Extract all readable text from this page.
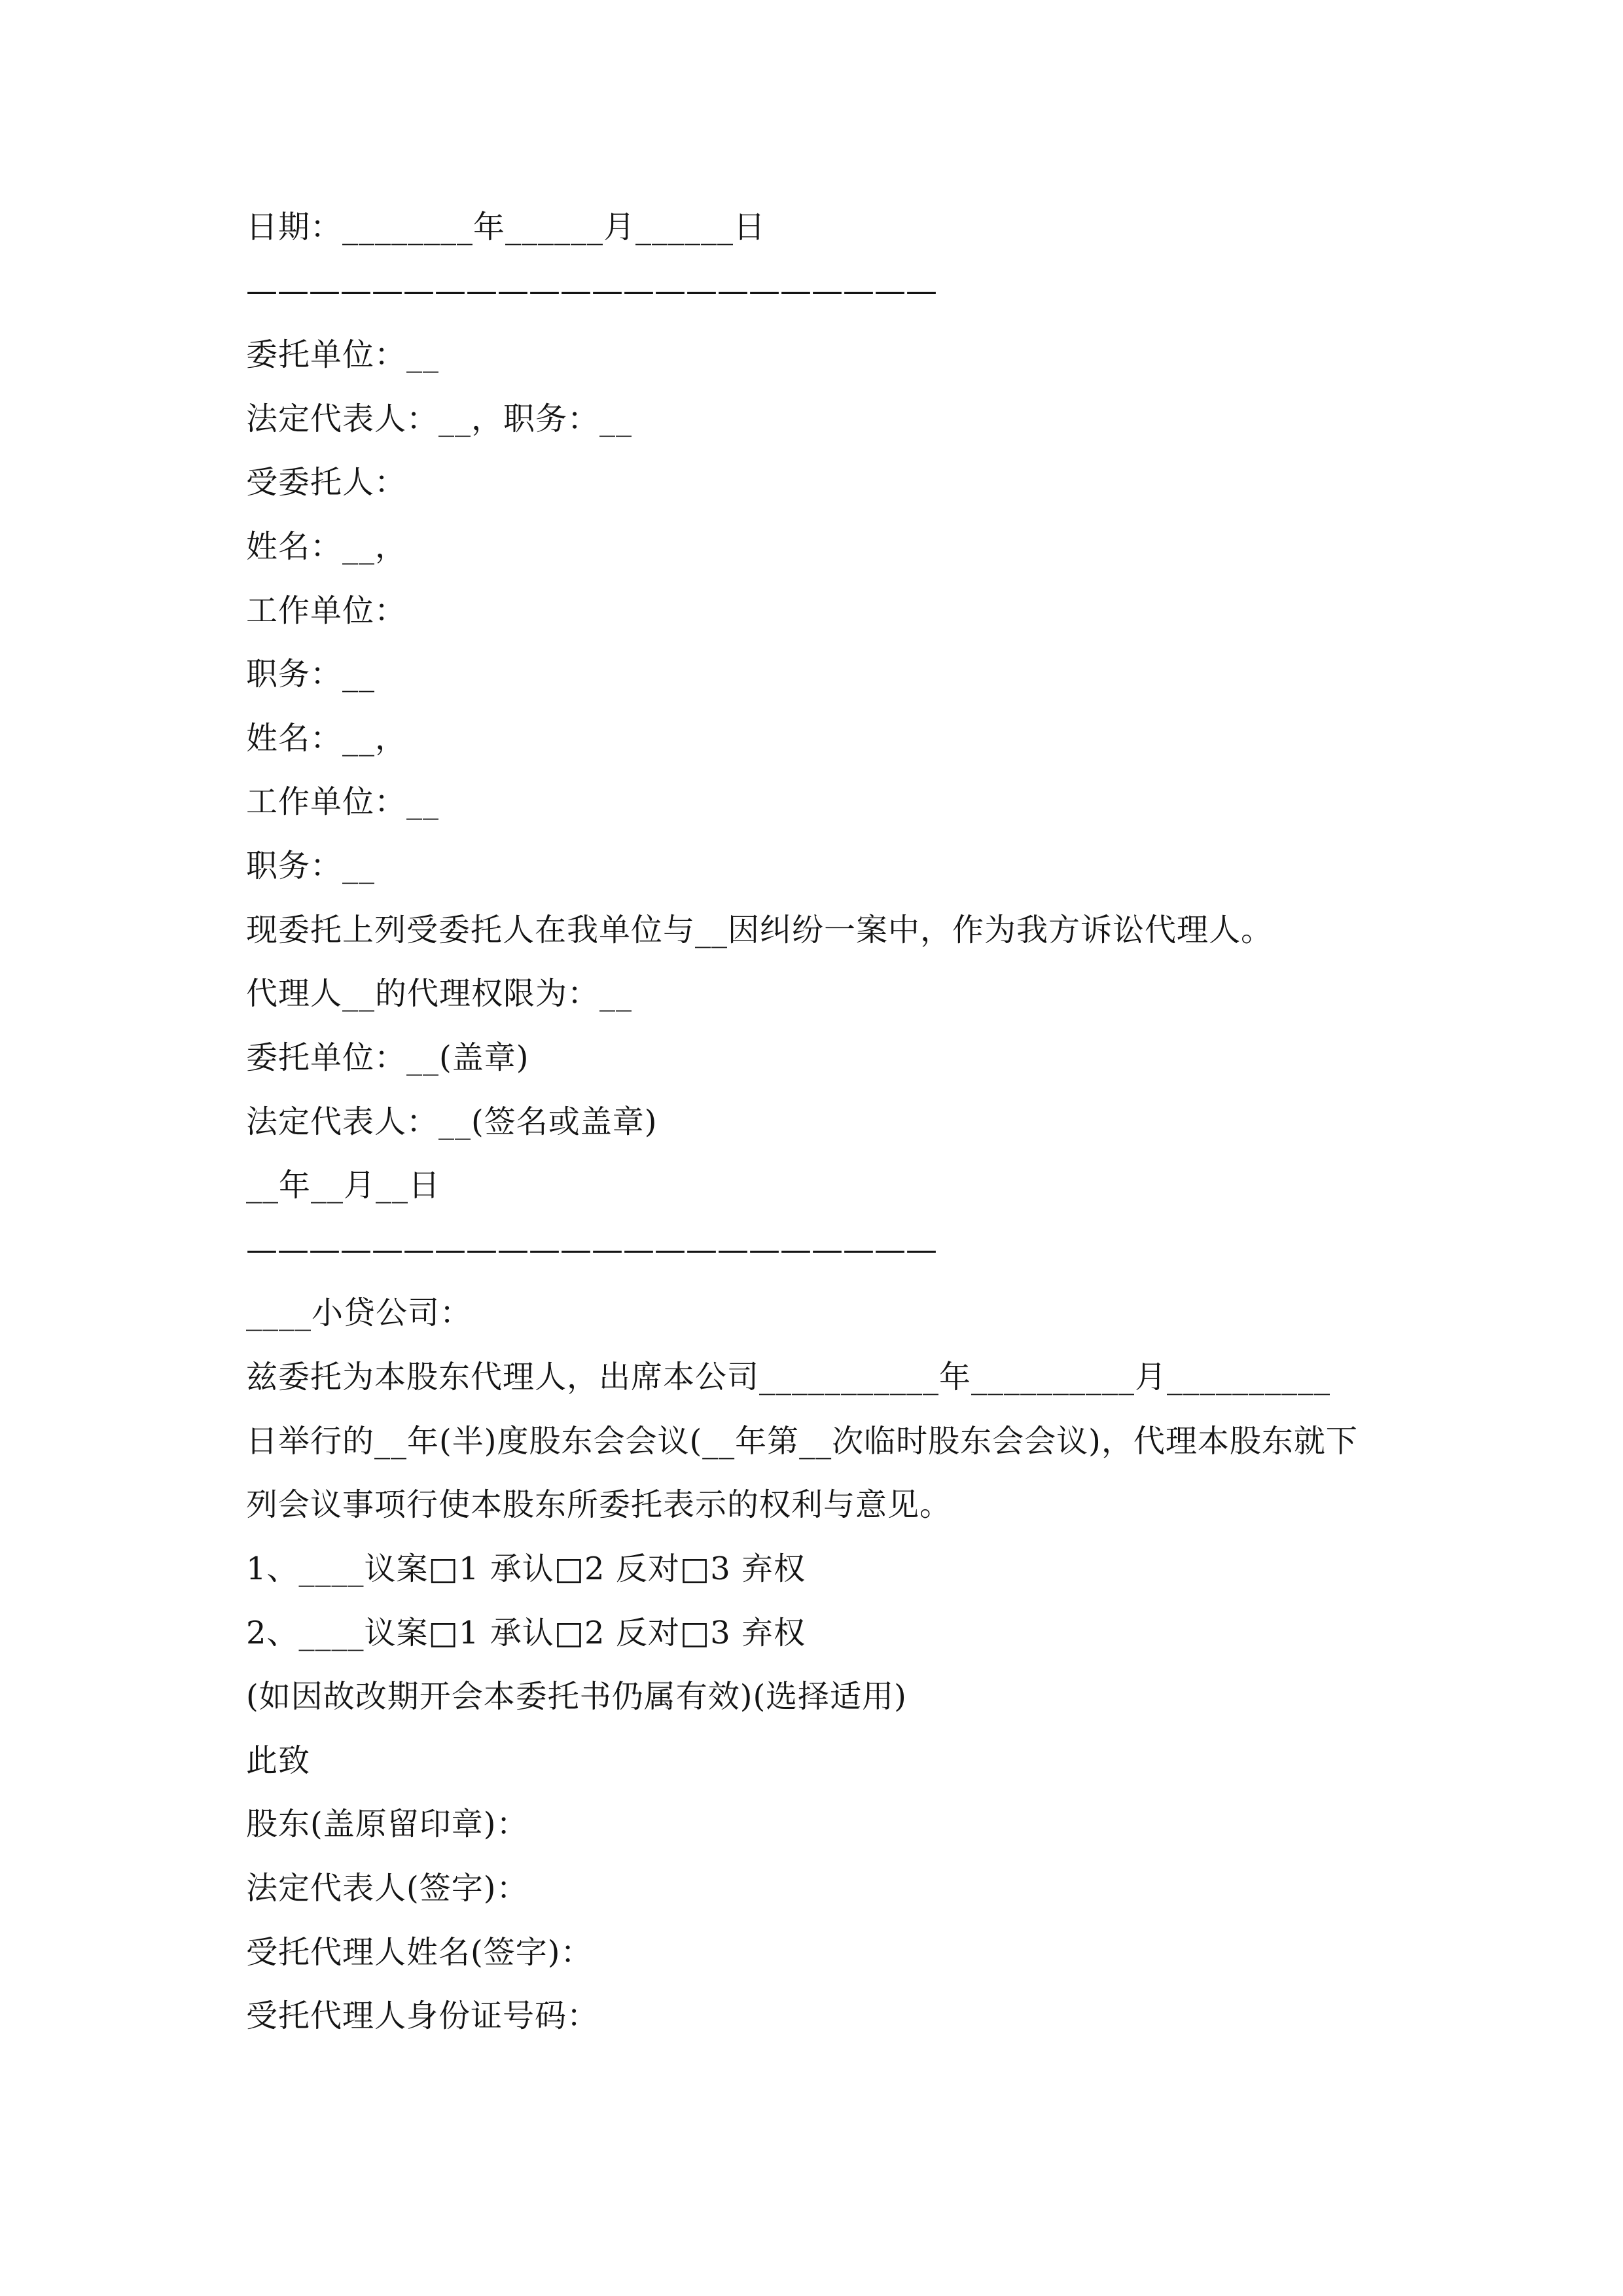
日期：________年______月______日
——————————————————————
委托单位：__
法定代表人：__，职务：__
受委托人：
姓名：__，
工作单位：
职务：__
姓名：__，
工作单位：__
职务：__
现委托上列受委托人在我单位与__因纠纷一案中，作为我方诉讼代理人。
代理人__的代理权限为：__
委托单位：__(盖章)
法定代表人：__(签名或盖章)
__年__月__日
——————————————————————
____小贷公司：
兹委托为本股东代理人，出席本公司___________年__________月__________
日举行的__年(半)度股东会会议(__年第__次临时股东会会议)，代理本股东就下
列会议事项行使本股东所委托表示的权利与意见。
1、____议案□1 承认□2 反对□3 弃权
2、____议案□1 承认□2 反对□3 弃权
(如因故改期开会本委托书仍属有效)(选择适用)
此致
股东(盖原留印章)：
法定代表人(签字)：
受托代理人姓名(签字)：
受托代理人身份证号码：
